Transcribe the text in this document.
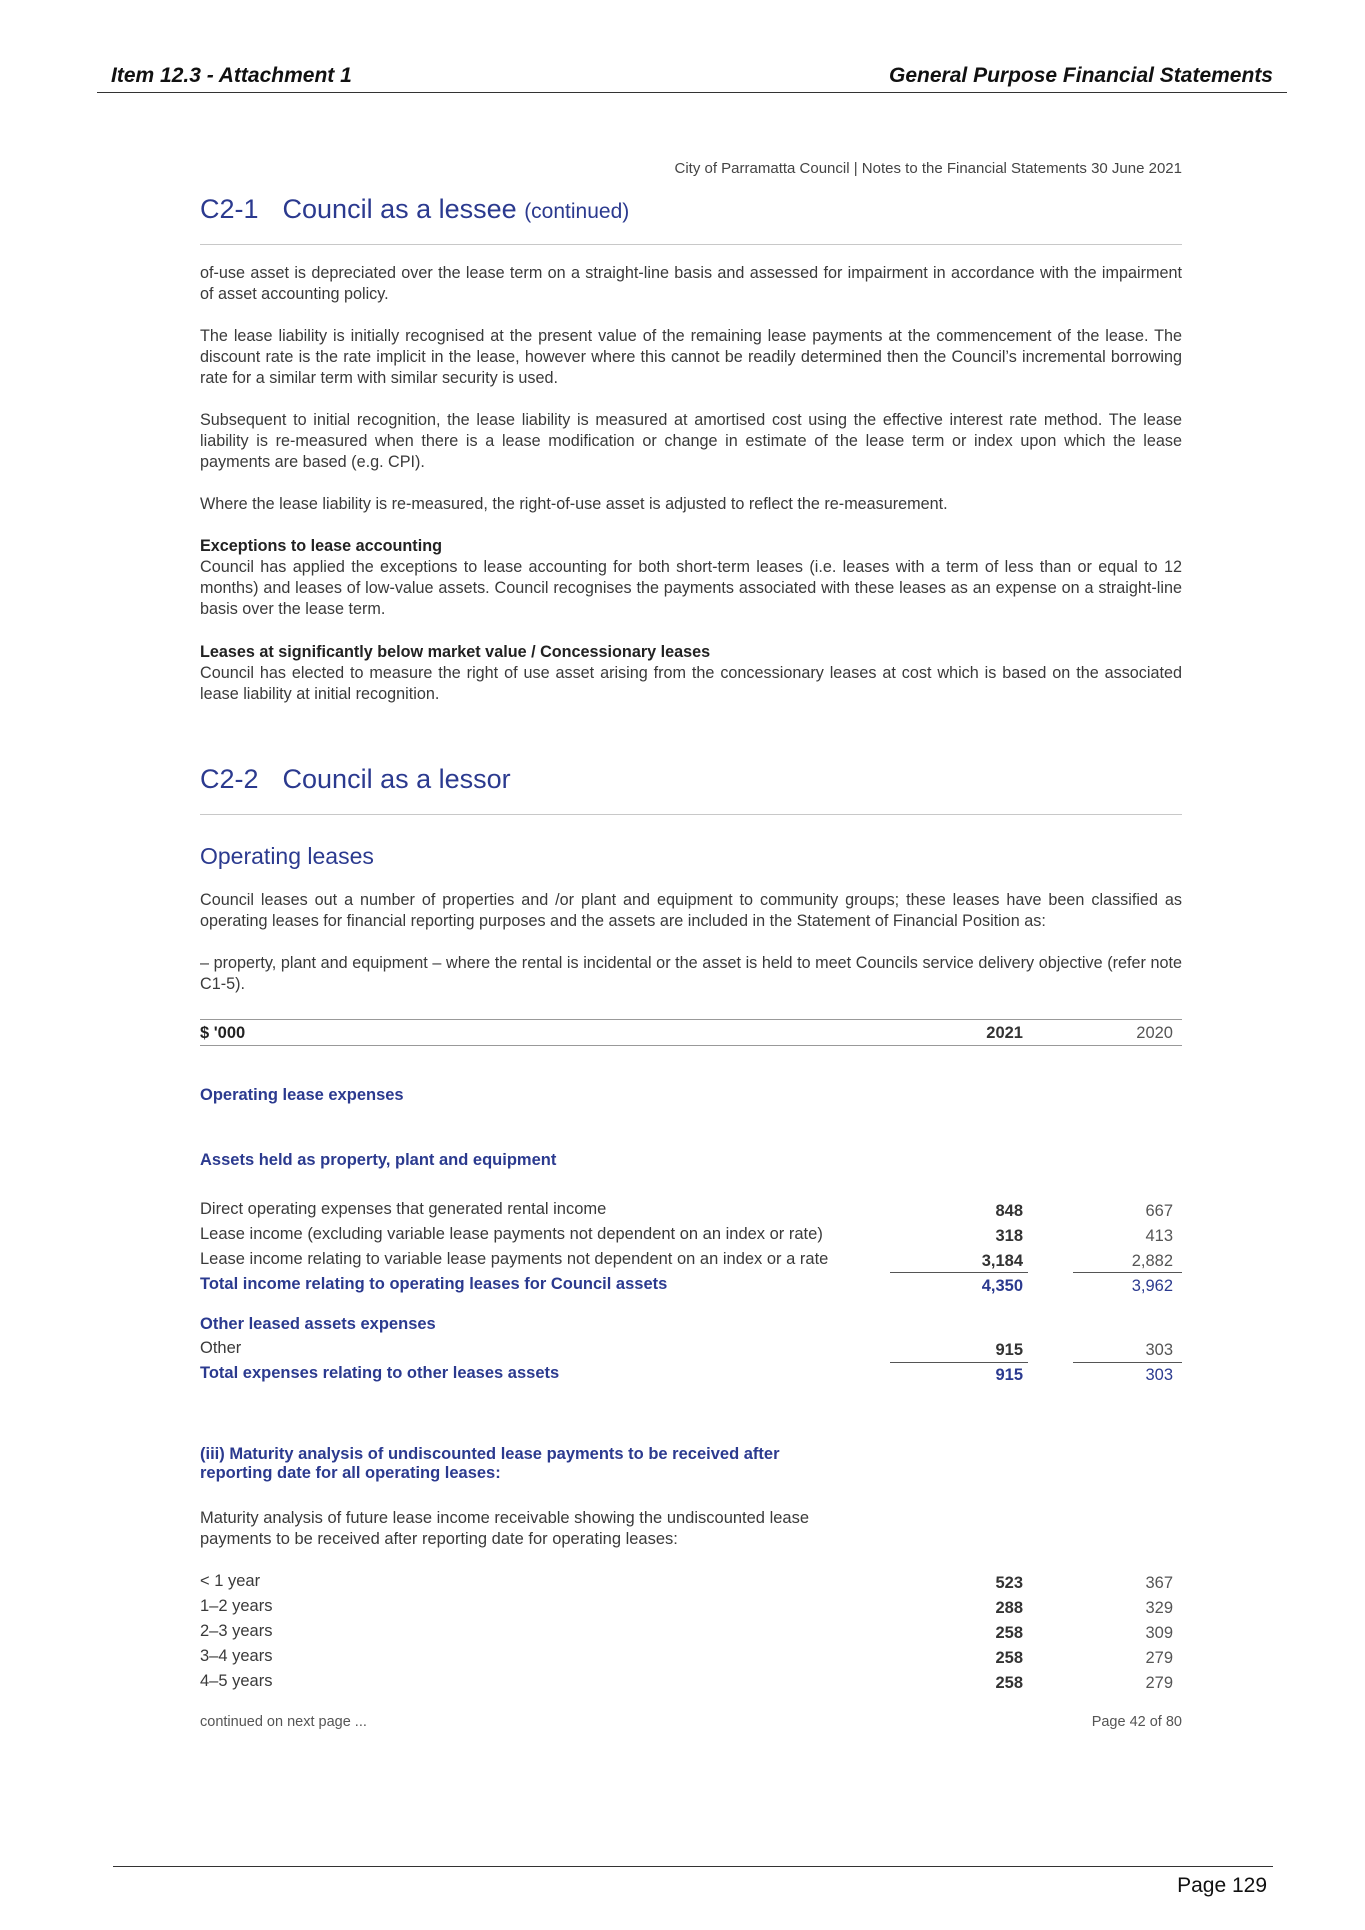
Item 12.3 - Attachment 1	General Purpose Financial Statements
City of Parramatta Council | Notes to the Financial Statements 30 June 2021
C2-1 Council as a lessee (continued)

of-use asset is depreciated over the lease term on a straight-line basis and assessed for impairment in accordance with the impairment of asset accounting policy.

The lease liability is initially recognised at the present value of the remaining lease payments at the commencement of the lease. The discount rate is the rate implicit in the lease, however where this cannot be readily determined then the Council’s incremental borrowing rate for a similar term with similar security is used.

Subsequent to initial recognition, the lease liability is measured at amortised cost using the effective interest rate method. The lease liability is re-measured when there is a lease modification or change in estimate of the lease term or index upon which the lease payments are based (e.g. CPI).

Where the lease liability is re-measured, the right-of-use asset is adjusted to reflect the re-measurement.

Exceptions to lease accounting
Council has applied the exceptions to lease accounting for both short-term leases (i.e. leases with a term of less than or equal to 12 months) and leases of low-value assets. Council recognises the payments associated with these leases as an expense on a straight-line basis over the lease term.
Leases at significantly below market value / Concessionary leases
Council has elected to measure the right of use asset arising from the concessionary leases at cost which is based on the associated lease liability at initial recognition.
C2-2 Council as a lessor
Operating leases

Council leases out a number of properties and /or plant and equipment to community groups; these leases have been classified as operating leases for financial reporting purposes and the assets are included in the Statement of Financial Position as:

– property, plant and equipment – where the rental is incidental or the asset is held to meet Councils service delivery objective (refer note C1-5).

$ '000	2021	2020
Operating lease expenses
Assets held as property, plant and equipment
Direct operating expenses that generated rental income	848	667
Lease income (excluding variable lease payments not dependent on an index or rate)	318	413
Lease income relating to variable lease payments not dependent on an index or a rate	3,184	2,882
Total income relating to operating leases for Council assets	4,350	3,962
Other leased assets expenses
Other	915	303
Total expenses relating to other leases assets	915	303
(iii) Maturity analysis of undiscounted lease payments to be received after
reporting date for all operating leases:
Maturity analysis of future lease income receivable showing the undiscounted lease
payments to be received after reporting date for operating leases:
< 1 year	523	367
1–2 years	288	329
2–3 years	258	309
3–4 years	258	279
4–5 years	258	279
continued on next page ...	Page 42 of 80
Page 129
